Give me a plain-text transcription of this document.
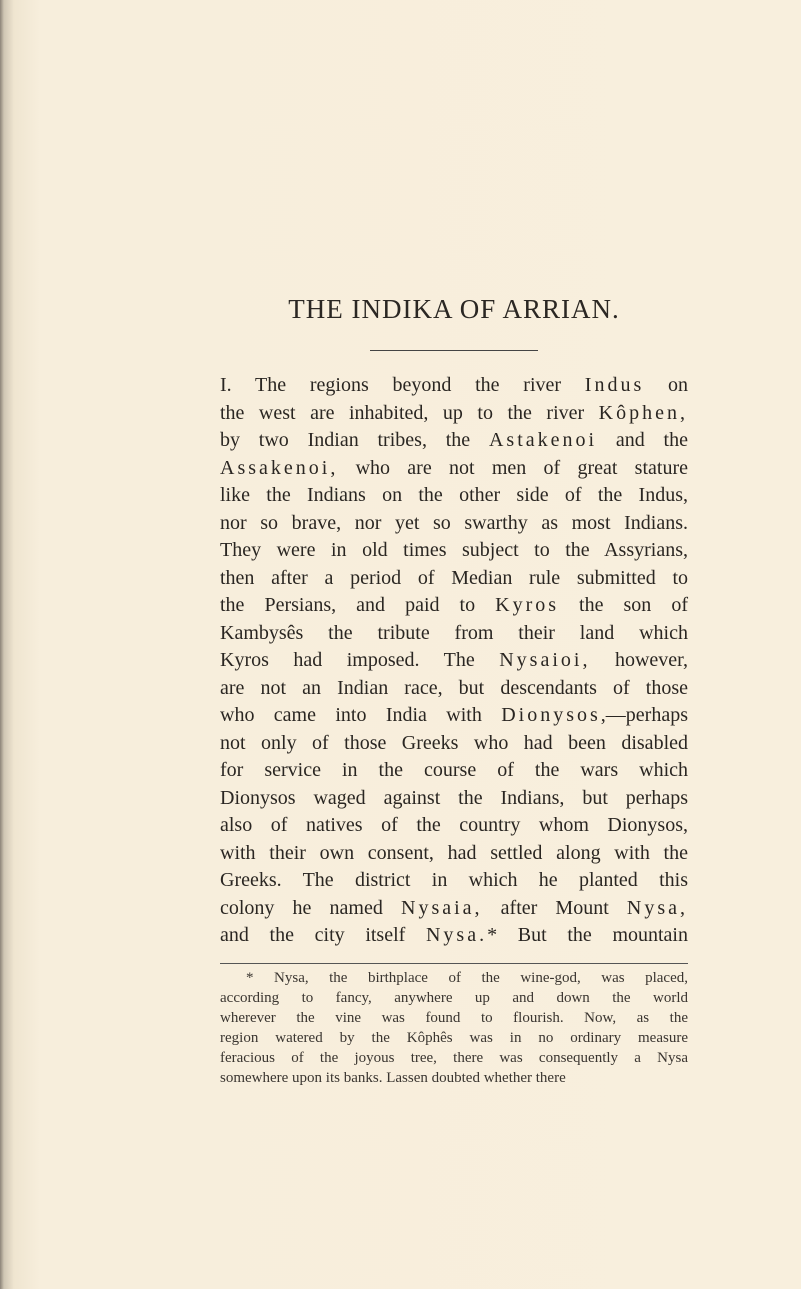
THE INDIKA OF ARRIAN.
I. The regions beyond the river Indus on
the west are inhabited, up to the river Kôphen,
by two Indian tribes, the Astakenoi and the
Assakenoi, who are not men of great stature
like the Indians on the other side of the Indus,
nor so brave, nor yet so swarthy as most Indians.
They were in old times subject to the Assyrians,
then after a period of Median rule submitted to
the Persians, and paid to Kyros the son of
Kambysês the tribute from their land which
Kyros had imposed. The Nysaioi, however,
are not an Indian race, but descendants of those
who came into India with Dionysos,—perhaps
not only of those Greeks who had been disabled
for service in the course of the wars which
Dionysos waged against the Indians, but perhaps
also of natives of the country whom Dionysos,
with their own consent, had settled along with the
Greeks. The district in which he planted this
colony he named Nysaia, after Mount Nysa,
and the city itself Nysa.* But the mountain
* Nysa, the birthplace of the wine-god, was placed,
according to fancy, anywhere up and down the world
wherever the vine was found to flourish. Now, as the
region watered by the Kôphês was in no ordinary measure
feracious of the joyous tree, there was consequently a Nysa
somewhere upon its banks. Lassen doubted whether there
